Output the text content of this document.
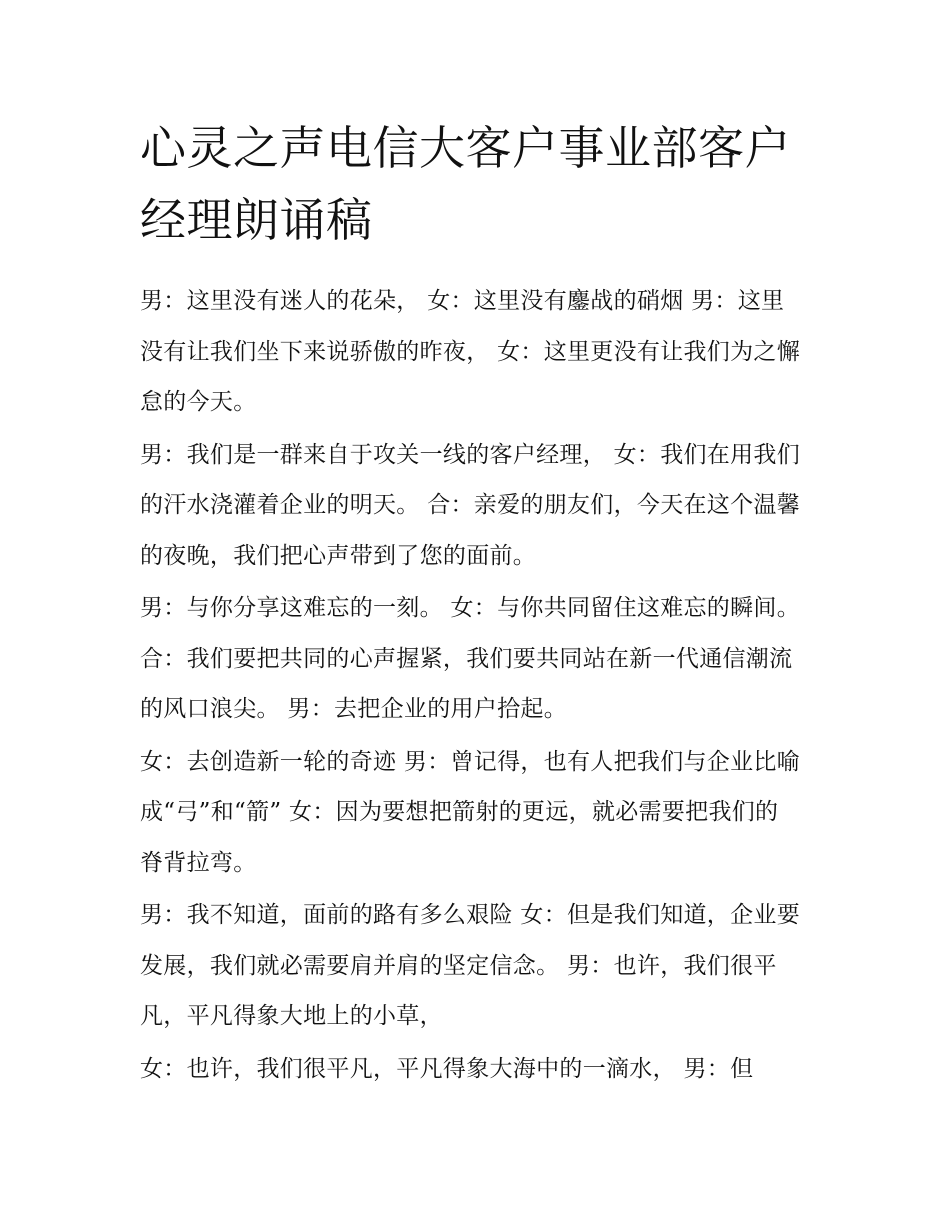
心灵之声电信大客户事业部客户经理朗诵稿

男：这里没有迷人的花朵， 女：这里没有鏖战的硝烟 男：这里没有让我们坐下来说骄傲的昨夜， 女：这里更没有让我们为之懈怠的今天。

男：我们是一群来自于攻关一线的客户经理， 女：我们在用我们的汗水浇灌着企业的明天。 合：亲爱的朋友们，今天在这个温馨的夜晚，我们把心声带到了您的面前。

男：与你分享这难忘的一刻。 女：与你共同留住这难忘的瞬间。 合：我们要把共同的心声握紧，我们要共同站在新一代通信潮流的风口浪尖。 男：去把企业的用户拾起。

女：去创造新一轮的奇迹 男：曾记得，也有人把我们与企业比喻成“弓”和“箭” 女：因为要想把箭射的更远，就必需要把我们的脊背拉弯。

男：我不知道，面前的路有多么艰险 女：但是我们知道，企业要发展，我们就必需要肩并肩的坚定信念。 男：也许，我们很平凡，平凡得象大地上的小草，

女：也许，我们很平凡，平凡得象大海中的一滴水， 男：但
